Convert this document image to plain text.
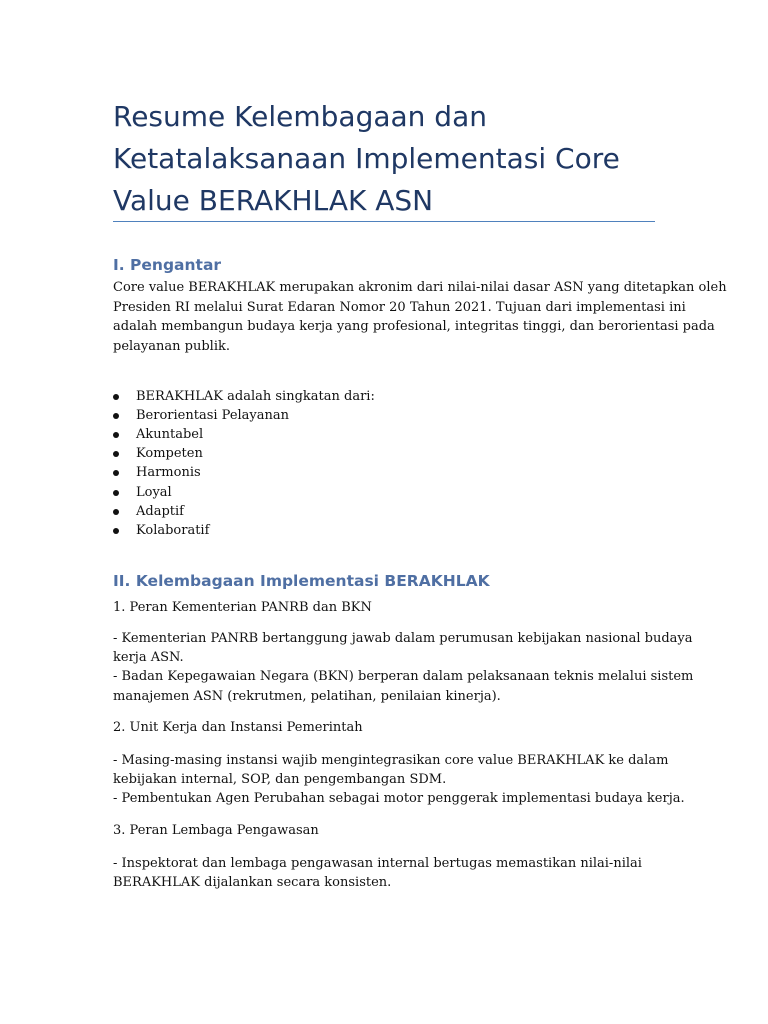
Resume Kelembagaan dan
Ketatalaksanaan Implementasi Core
Value BERAKHLAK ASN
I. Pengantar
Core value BERAKHLAK merupakan akronim dari nilai-nilai dasar ASN yang ditetapkan oleh
Presiden RI melalui Surat Edaran Nomor 20 Tahun 2021. Tujuan dari implementasi ini
adalah membangun budaya kerja yang profesional, integritas tinggi, dan berorientasi pada
pelayanan publik.
BERAKHLAK adalah singkatan dari:
Berorientasi Pelayanan
Akuntabel
Kompeten
Harmonis
Loyal
Adaptif
Kolaboratif
II. Kelembagaan Implementasi BERAKHLAK
1. Peran Kementerian PANRB dan BKN
- Kementerian PANRB bertanggung jawab dalam perumusan kebijakan nasional budaya
kerja ASN.
- Badan Kepegawaian Negara (BKN) berperan dalam pelaksanaan teknis melalui sistem
manajemen ASN (rekrutmen, pelatihan, penilaian kinerja).
2. Unit Kerja dan Instansi Pemerintah
- Masing-masing instansi wajib mengintegrasikan core value BERAKHLAK ke dalam
kebijakan internal, SOP, dan pengembangan SDM.
- Pembentukan Agen Perubahan sebagai motor penggerak implementasi budaya kerja.
3. Peran Lembaga Pengawasan
- Inspektorat dan lembaga pengawasan internal bertugas memastikan nilai-nilai
BERAKHLAK dijalankan secara konsisten.
